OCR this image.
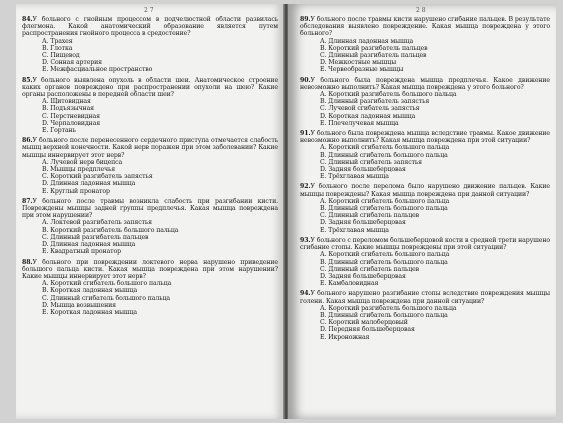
2 7
84.У больного с гнойным процессом в подчелюстной области развилась флегмона. Какой анатомический образование является путем распространения гнойного процесса в средостение?
А. Трахея
В. Глотка
С. Пищевод
D. Сонная артерия
Е. Межфасциальное пространство
85.У больного выявлена опухоль в области шеи. Анатомическое строение каких органов повреждено при распространении опухоли на шею? Какие органы расположены в передней области шеи?
А. Щитовидная
В. Подъязычная
С. Перстневидная
D. Черпаловидная
Е. Гортань
86.У больного после перенесенного сердечного приступа отмечается слабость мышц верхней конечности. Какой нерв поражен при этом заболевании? Какие мышцы иннервирует этот нерв?
А. Лучевой нерв бицепса
В. Мышцы предплечья
С. Короткий разгибатель запястья
D. Длинная ладонная мышца
Е. Круглый пронатор
87.У больного после травмы возникла слабость при разгибании кисти. Повреждены мышцы задней группы предплечья. Какая мышца повреждена при этом нарушении?
А. Локтевой разгибатель запястья
В. Короткий разгибатель большого пальца
С. Длинный разгибатель пальцев
D. Длинная ладонная мышца
Е. Квадратный пронатор
88.У больного при повреждении локтевого нерва нарушено приведение большого пальца кисти. Какая мышца повреждена при этом нарушении? Какие мышцы иннервирует этот нерв?
А. Короткий сгибатель большого пальца
В. Короткая ладонная мышца
С. Длинный сгибатель большого пальца
D. Мышца возвышения
Е. Короткая ладонная мышца
2 8
89.У больного после травмы кисти нарушено сгибание пальцев. В результате обследования выявлено повреждение. Какая мышца повреждена у этого больного?
А. Длинная ладонная мышца
В. Короткий разгибатель пальцев
С. Длинный разгибатель пальцев
D. Межкостные мышцы
Е. Червеобразные мышцы
90.У больного была повреждена мышца предплечья. Какое движение невозможно выполнить? Какая мышца повреждена у этого больного?
А. Короткий разгибатель большого пальца
В. Длинный разгибатель запястья
С. Лучевой сгибатель запястья
D. Короткая ладонная мышца
Е. Плечелучевая мышца
91.У больного была повреждена мышца вследствие травмы. Какое движение невозможно выполнить? Какая мышца повреждена при этой ситуации?
А. Короткий сгибатель большого пальца
В. Длинный сгибатель большого пальца
С. Длинный сгибатель запястья
D. Задняя большеберцовая
Е. Трёхглавая мышца
92.У больного после перелома было нарушено движение пальцев. Какие мышцы повреждены? Какая мышца повреждена при данной ситуации?
А. Короткий сгибатель большого пальца
В. Длинный сгибатель большого пальца
С. Длинный сгибатель пальцев
D. Задняя большеберцовая
Е. Трёхглавая мышца
93.У больного с переломом большеберцовой кости в средней трети нарушено сгибание стопы. Какие мышцы повреждены при этой ситуации?
А. Короткий сгибатель большого пальца
В. Длинный сгибатель большого пальца
С. Длинный сгибатель пальцев
D. Задняя большеберцовая
Е. Камбаловидная
94.У больного нарушено разгибание стопы вследствие повреждения мышцы голени. Какая мышца повреждена при данной ситуации?
А. Короткий разгибатель большого пальца
В. Длинный сгибатель большого пальца
С. Короткий малоберцовый
D. Передняя большеберцовая
Е. Икроножная
